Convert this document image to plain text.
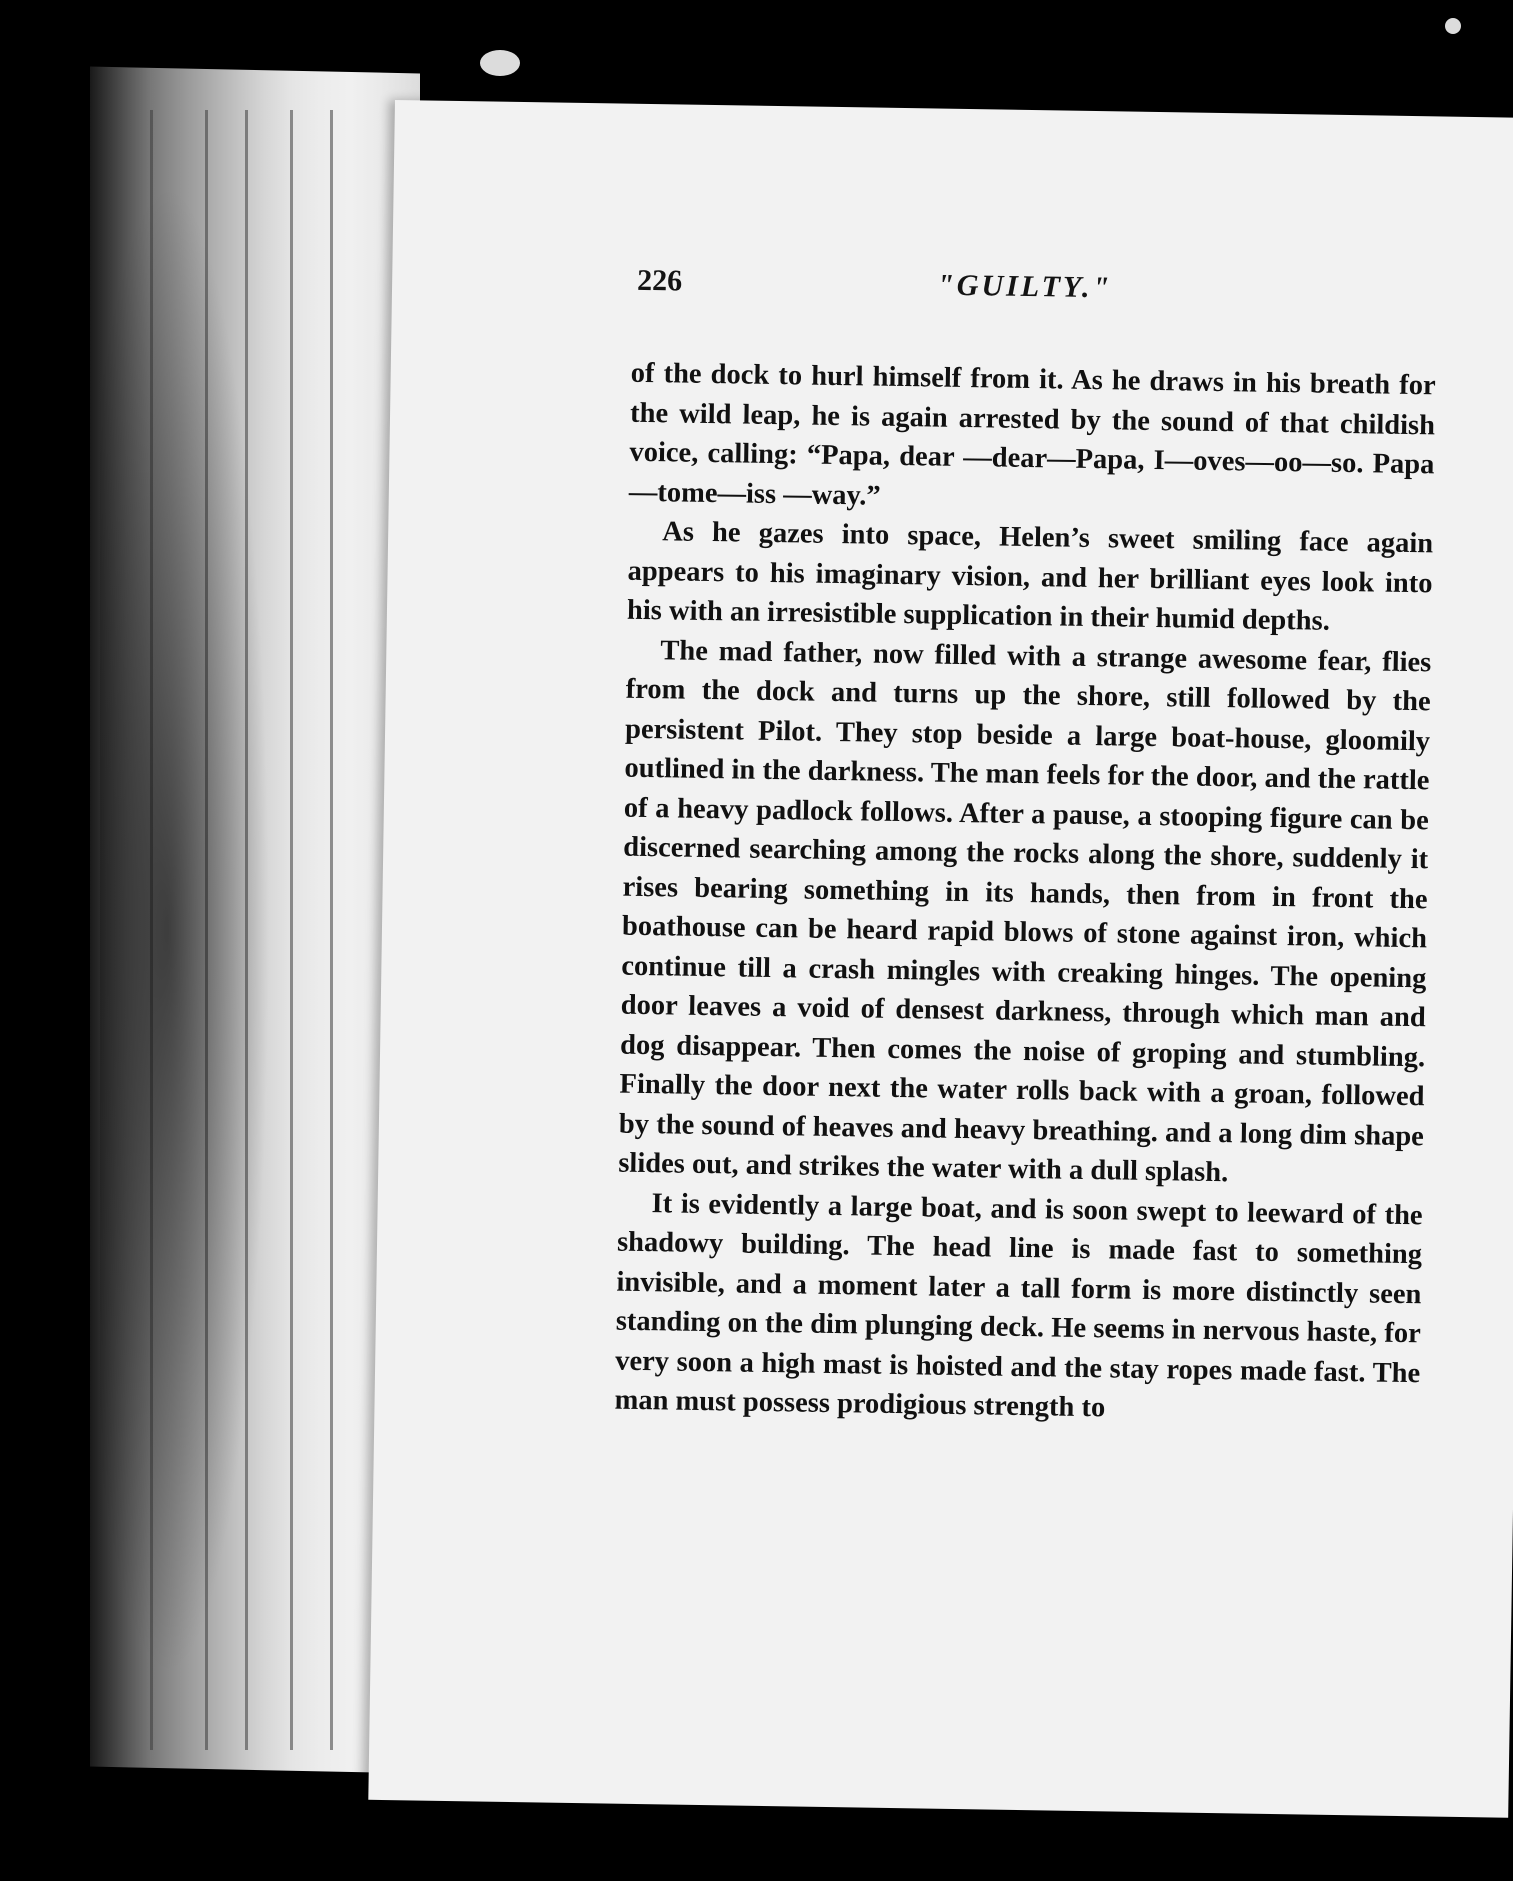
226	"GUILTY."

of the dock to hurl himself from it. As he draws in his breath for the wild leap, he is again arrested by the sound of that childish voice, calling: “Papa, dear —dear—Papa, I—oves—oo—so. Papa—tome—iss —way.”

As he gazes into space, Helen’s sweet smiling face again appears to his imaginary vision, and her brilliant eyes look into his with an irresistible supplication in their humid depths.

The mad father, now filled with a strange awesome fear, flies from the dock and turns up the shore, still followed by the persistent Pilot. They stop beside a large boat-house, gloomily outlined in the darkness. The man feels for the door, and the rattle of a heavy padlock follows. After a pause, a stooping figure can be discerned searching among the rocks along the shore, suddenly it rises bearing something in its hands, then from in front the boathouse can be heard rapid blows of stone against iron, which continue till a crash mingles with creaking hinges. The opening door leaves a void of densest darkness, through which man and dog disappear. Then comes the noise of groping and stumbling. Finally the door next the water rolls back with a groan, followed by the sound of heaves and heavy breathing. and a long dim shape slides out, and strikes the water with a dull splash.

It is evidently a large boat, and is soon swept to leeward of the shadowy building. The head line is made fast to something invisible, and a moment later a tall form is more distinctly seen standing on the dim plunging deck. He seems in nervous haste, for very soon a high mast is hoisted and the stay ropes made fast. The man must possess prodigious strength to
